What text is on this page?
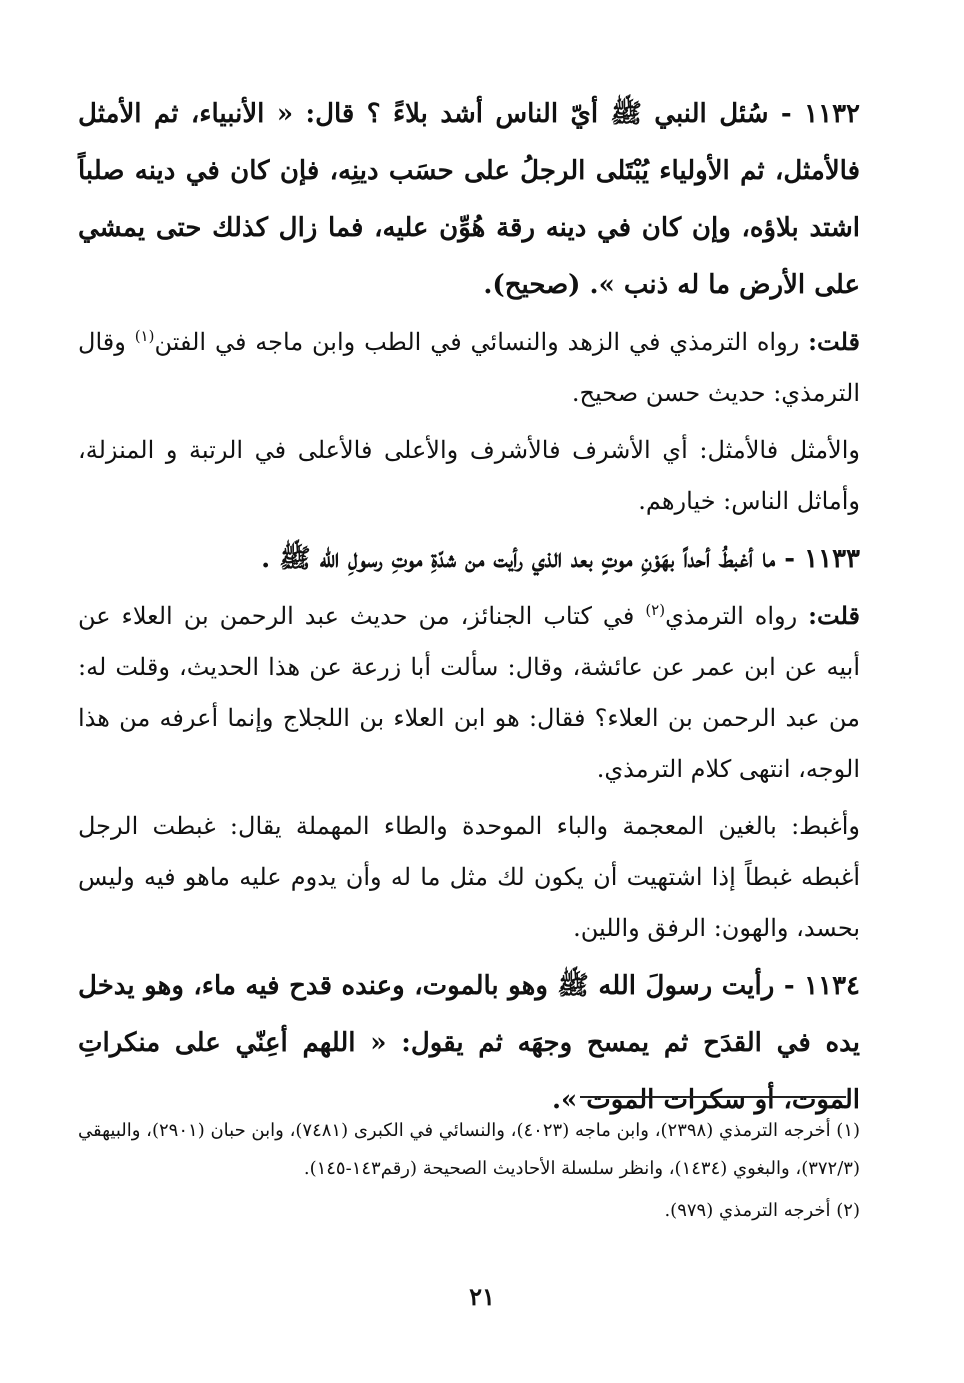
١١٣٢ - سُئل النبي ﷺ أيّ الناس أشد بلاءً ؟ قال: « الأنبياء، ثم الأمثل فالأمثل، ثم الأولياء يُبْتَلى الرجلُ على حسَب دينِه، فإن كان في دينه صلباً اشتد بلاؤه، وإن كان في دينه رقة هُوِّن عليه، فما زال كذلك حتى يمشي على الأرض ما له ذنب ». (صحيح).

قلت: رواه الترمذي في الزهد والنسائي في الطب وابن ماجه في الفتن$^{(١)}$ وقال الترمذي: حديث حسن صحيح.

والأمثل فالأمثل: أي الأشرف فالأشرف والأعلى فالأعلى في الرتبة و المنزلة، وأماثل الناس: خيارهم.

١١٣٣ - ما أغبطُ أحداً بهَوْنِ موتٍ بعد الذي رأيت من شدّةِ موتِ رسولِ الله ﷺ .

قلت: رواه الترمذي$^{(٢)}$ في كتاب الجنائز، من حديث عبد الرحمن بن العلاء عن أبيه عن ابن عمر عن عائشة، وقال: سألت أبا زرعة عن هذا الحديث، وقلت له: من عبد الرحمن بن العلاء؟ فقال: هو ابن العلاء بن اللجلاج وإنما أعرفه من هذا الوجه، انتهى كلام الترمذي.

وأغبط: بالغين المعجمة والباء الموحدة والطاء المهملة يقال: غبطت الرجل أغبطه غبطاً إذا اشتهيت أن يكون لك مثل ما له وأن يدوم عليه ماهو فيه وليس بحسد، والهون: الرفق واللين.

١١٣٤ - رأيت رسولَ الله ﷺ وهو بالموت، وعنده قدح فيه ماء، وهو يدخل يده في القدَح ثم يمسح وجهَه ثم يقول: « اللهم أعِنّي على منكراتِ الموت، أو سكرات الموت ».

(١) أخرجه الترمذي (٢٣٩٨)، وابن ماجه (٤٠٢٣)، والنسائي في الكبرى (٧٤٨١)، وابن حبان (٢٩٠١)، والبيهقي (٣٧٢/٣)، والبغوي (١٤٣٤)، وانظر سلسلة الأحاديث الصحيحة (رقم١٤٣-١٤٥).

(٢) أخرجه الترمذي (٩٧٩).

٢١
